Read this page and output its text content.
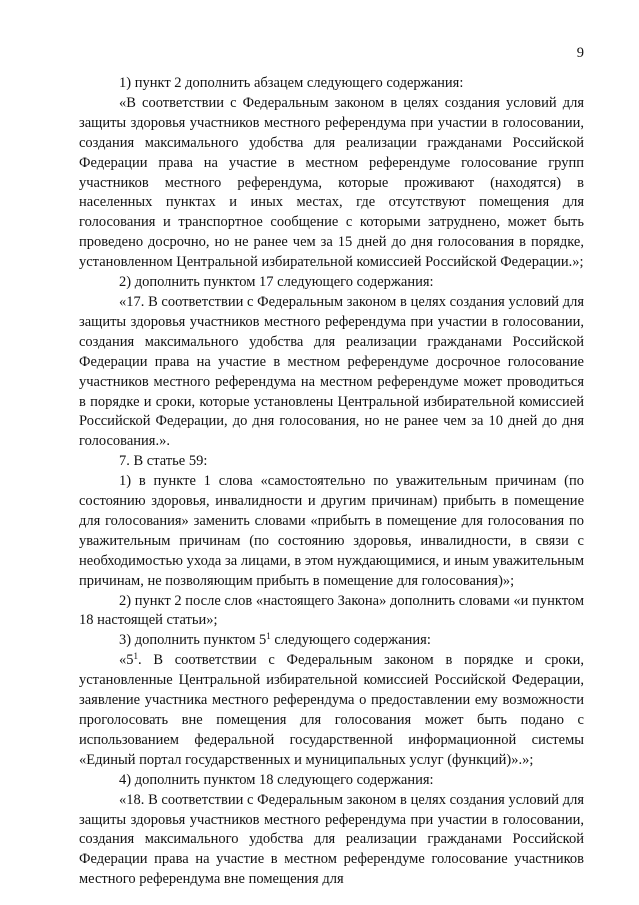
9

1) пункт 2 дополнить абзацем следующего содержания:

«В соответствии с Федеральным законом в целях создания условий для защиты здоровья участников местного референдума при участии в голосовании, создания максимального удобства для реализации гражданами Российской Федерации права на участие в местном референдуме голосование групп участников местного референдума, которые проживают (находятся) в населенных пунктах и иных местах, где отсутствуют помещения для голосования и транспортное сообщение с которыми затруднено, может быть проведено досрочно, но не ранее чем за 15 дней до дня голосования в порядке, установленном Центральной избирательной комиссией Российской Федерации.»;

2) дополнить пунктом 17 следующего содержания:

«17. В соответствии с Федеральным законом в целях создания условий для защиты здоровья участников местного референдума при участии в голосовании, создания максимального удобства для реализации гражданами Российской Федерации права на участие в местном референдуме досрочное голосование участников местного референдума на местном референдуме может проводиться в порядке и сроки, которые установлены Центральной избирательной комиссией Российской Федерации, до дня голосования, но не ранее чем за 10 дней до дня голосования.».

7. В статье 59:

1) в пункте 1 слова «самостоятельно по уважительным причинам (по состоянию здоровья, инвалидности и другим причинам) прибыть в помещение для голосования» заменить словами «прибыть в помещение для голосования по уважительным причинам (по состоянию здоровья, инвалидности, в связи с необходимостью ухода за лицами, в этом нуждающимися, и иным уважительным причинам, не позволяющим прибыть в помещение для голосования)»;

2) пункт 2 после слов «настоящего Закона» дополнить словами «и пунктом 18 настоящей статьи»;

3) дополнить пунктом $5^1$ следующего содержания:

«$5^1$. В соответствии с Федеральным законом в порядке и сроки, установленные Центральной избирательной комиссией Российской Федерации, заявление участника местного референдума о предоставлении ему возможности проголосовать вне помещения для голосования может быть подано с использованием федеральной государственной информационной системы «Единый портал государственных и муниципальных услуг (функций)».»;

4) дополнить пунктом 18 следующего содержания:

«18. В соответствии с Федеральным законом в целях создания условий для защиты здоровья участников местного референдума при участии в голосовании, создания максимального удобства для реализации гражданами Российской Федерации права на участие в местном референдуме голосование участников местного референдума вне помещения для
